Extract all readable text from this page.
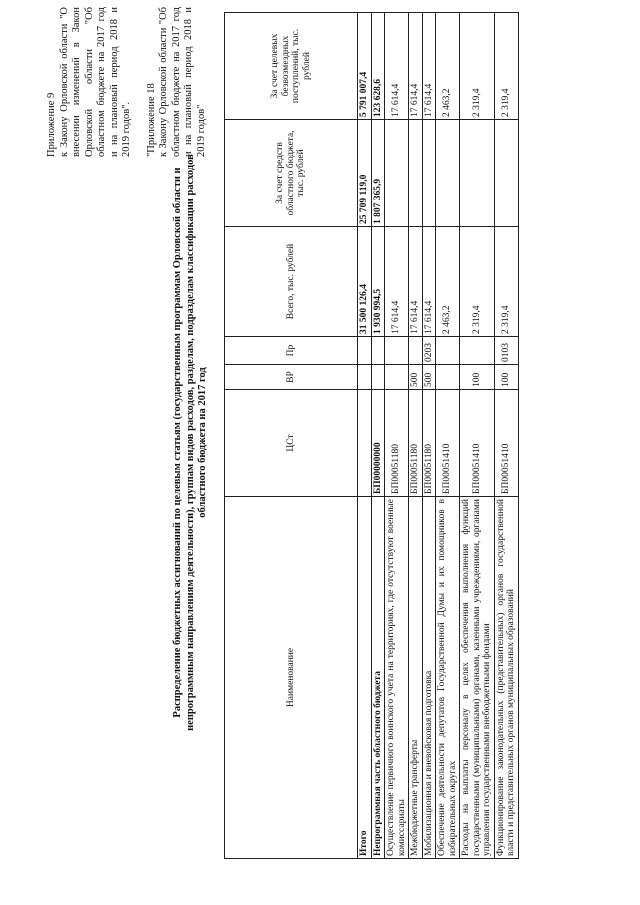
Приложение 9 к Закону Орловской области "О внесении изменений в Закон Орловской области "Об областном бюджете на 2017 год и на плановый период 2018 и 2019 годов". "Приложение 18 к Закону Орловской области "Об областном бюджете на 2017 год и на плановый период 2018 и 2019 годов"

Распределение бюджетных ассигнований по целевым статьям (государственным программам Орловской области и непрограммным направлениям деятельности), группам видов расходов, разделам, подразделам классификации расходов областного бюджета на 2017 год
Наименование	ЦСт	ВР	Пр	Всего, тыс. рублей	За счет средств областного бюджета, тыс. рублей	За счет целевых безвозмездных поступлений, тыс. рублей
Итого				31 500 126,4	25 709 119,0	5 791 007,4
Непрограммная часть областного бюджета	БП00000000			1 930 994,5	1 807 365,9	123 628,6
Осуществление первичного воинского учета на территориях, где отсутствуют военные комиссариаты	БП00051180			17 614,4		17 614,4
Межбюджетные трансферты	БП00051180	500		17 614,4		17 614,4
Мобилизационная и вневойсковая подготовка	БП00051180	500	0203	17 614,4		17 614,4
Обеспечение деятельности депутатов Государственной Думы и их помощников в избирательных округах	БП00051410			2 463,2		2 463,2
Расходы на выплаты персоналу в целях обеспечения выполнения функций государственными (муниципальными) органами, казенными учреждениями, органами управления государственными внебюджетными фондами	БП00051410	100		2 319,4		2 319,4
Функционирование законодательных (представительных) органов государственной власти и представительных органов муниципальных образований	БП00051410	100	0103	2 319,4		2 319,4
